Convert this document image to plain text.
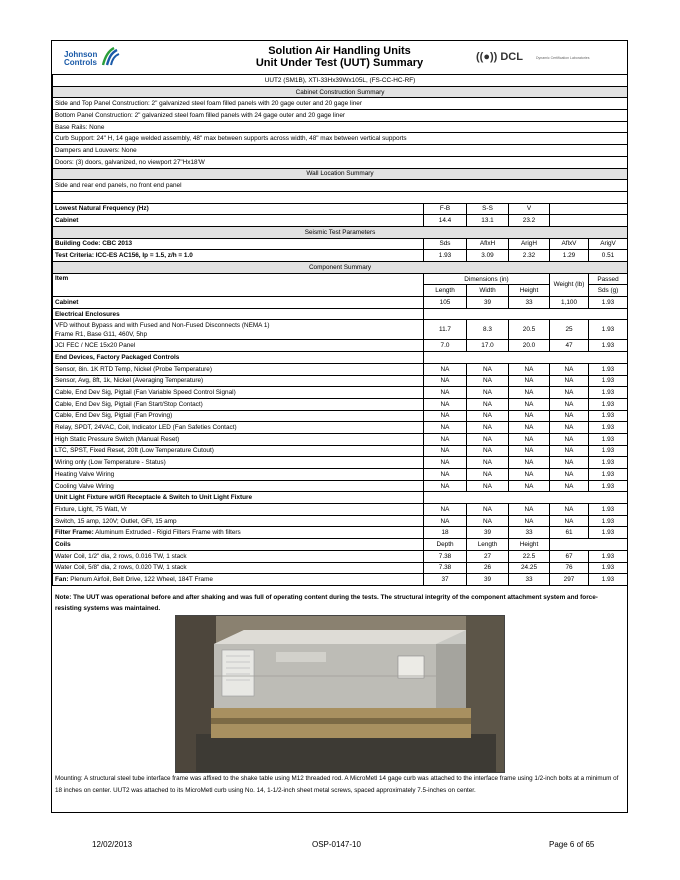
Johnson
Controls
Solution Air Handling Units
Unit Under Test (UUT) Summary	((●)) DCL	Dynamic Certification Laboratories
UUT2 (SM1B), XTI-33Hx39Wx105L, (FS-CC-HC-RF)					
Cabinet Construction Summary					
Side and Top Panel Construction: 2" galvanized steel foam filled panels with 20 gage outer and 20 gage liner					
Bottom Panel Construction: 2" galvanized steel foam filled panels with 24 gage outer and 20 gage liner					
Base Rails: None					
Curb Support: 24" H, 14 gage welded assembly, 48" max between supports across width, 48" max between vertical supports					
Dampers and Louvers: None					
Doors: (3) doors, galvanized, no viewport 27"Hx18'W					
Wall Location Summary					
Side and rear end panels, no front end panel					

Lowest Natural Frequency (Hz)	F-B	S-S	V		
Cabinet	14.4	13.1	23.2		
Seismic Test Parameters					
Building Code: CBC 2013	Sds	AflxH	ArigH	AflxV	ArigV
Test Criteria: ICC-ES AC156, Ip = 1.5, z/h = 1.0	1.93	3.09	2.32	1.29	0.51
Component Summary					
Item	Dimensions (in)			Weight (lb)	Passed
	Length	Width	Height		Sds (g)
Cabinet	105	39	33	1,100	1.93
Electrical Enclosures					

VFD without Bypass and with Fused and Non-Fused Disconnects (NEMA 1)
Frame R1, Base G11, 460V, 5hp	11.7	8.3	20.5	25	1.93
JCI FEC / NCE 15x20 Panel	7.0	17.0	20.0	47	1.93
End Devices, Factory Packaged Controls					
Sensor, 8in. 1K RTD Temp, Nickel (Probe Temperature)	NA	NA	NA	NA	1.93
Sensor, Avg, 8ft, 1k, Nickel (Averaging Temperature)	NA	NA	NA	NA	1.93
Cable, End Dev Sig, Pigtail (Fan Variable Speed Control Signal)	NA	NA	NA	NA	1.93
Cable, End Dev Sig, Pigtail (Fan Start/Stop Contact)	NA	NA	NA	NA	1.93
Cable, End Dev Sig, Pigtail (Fan Proving)	NA	NA	NA	NA	1.93
Relay, SPDT, 24VAC, Coil, Indicator LED (Fan Safeties Contact)	NA	NA	NA	NA	1.93
High Static Pressure Switch (Manual Reset)	NA	NA	NA	NA	1.93
LTC, SPST, Fixed Reset, 20ft (Low Temperature Cutout)	NA	NA	NA	NA	1.93
Wiring only (Low Temperature - Status)	NA	NA	NA	NA	1.93
Heating Valve Wiring	NA	NA	NA	NA	1.93
Cooling Valve Wiring	NA	NA	NA	NA	1.93
Unit Light Fixture w/Gfi Receptacle & Switch to Unit Light Fixture					
Fixture, Light, 75 Watt, Vr	NA	NA	NA	NA	1.93
Switch, 15 amp, 120V; Outlet, GFI, 15 amp	NA	NA	NA	NA	1.93
Filter Frame: Aluminum Extruded - Rigid Filters Frame with filters	18	39	33	61	1.93
Coils	Depth	Length	Height		
Water Coil, 1/2" dia, 2 rows, 0.016 TW, 1 stack	7.38	27	22.5	67	1.93
Water Coil, 5/8" dia, 2 rows, 0.020 TW, 1 stack	7.38	26	24.25	76	1.93
Fan: Plenum Airfoil, Belt Drive, 122 Wheel, 184T Frame	37	39	33	297	1.93
Note: The UUT was operational before and after shaking and was full of operating content during the tests. The structural integrity of the component attachment system and force-resisting systems was maintained.
Mounting: A structural steel tube interface frame was affixed to the shake table using M12 threaded rod. A MicroMetl 14 gage curb was attached to the interface frame using 1/2-inch bolts at a minimum of 18 inches on center. UUT2 was attached to its MicroMetl curb using No. 14, 1-1/2-inch sheet metal screws, spaced approximately 7.5-inches on center.
12/02/2013	OSP-0147-10	Page 6 of 65
